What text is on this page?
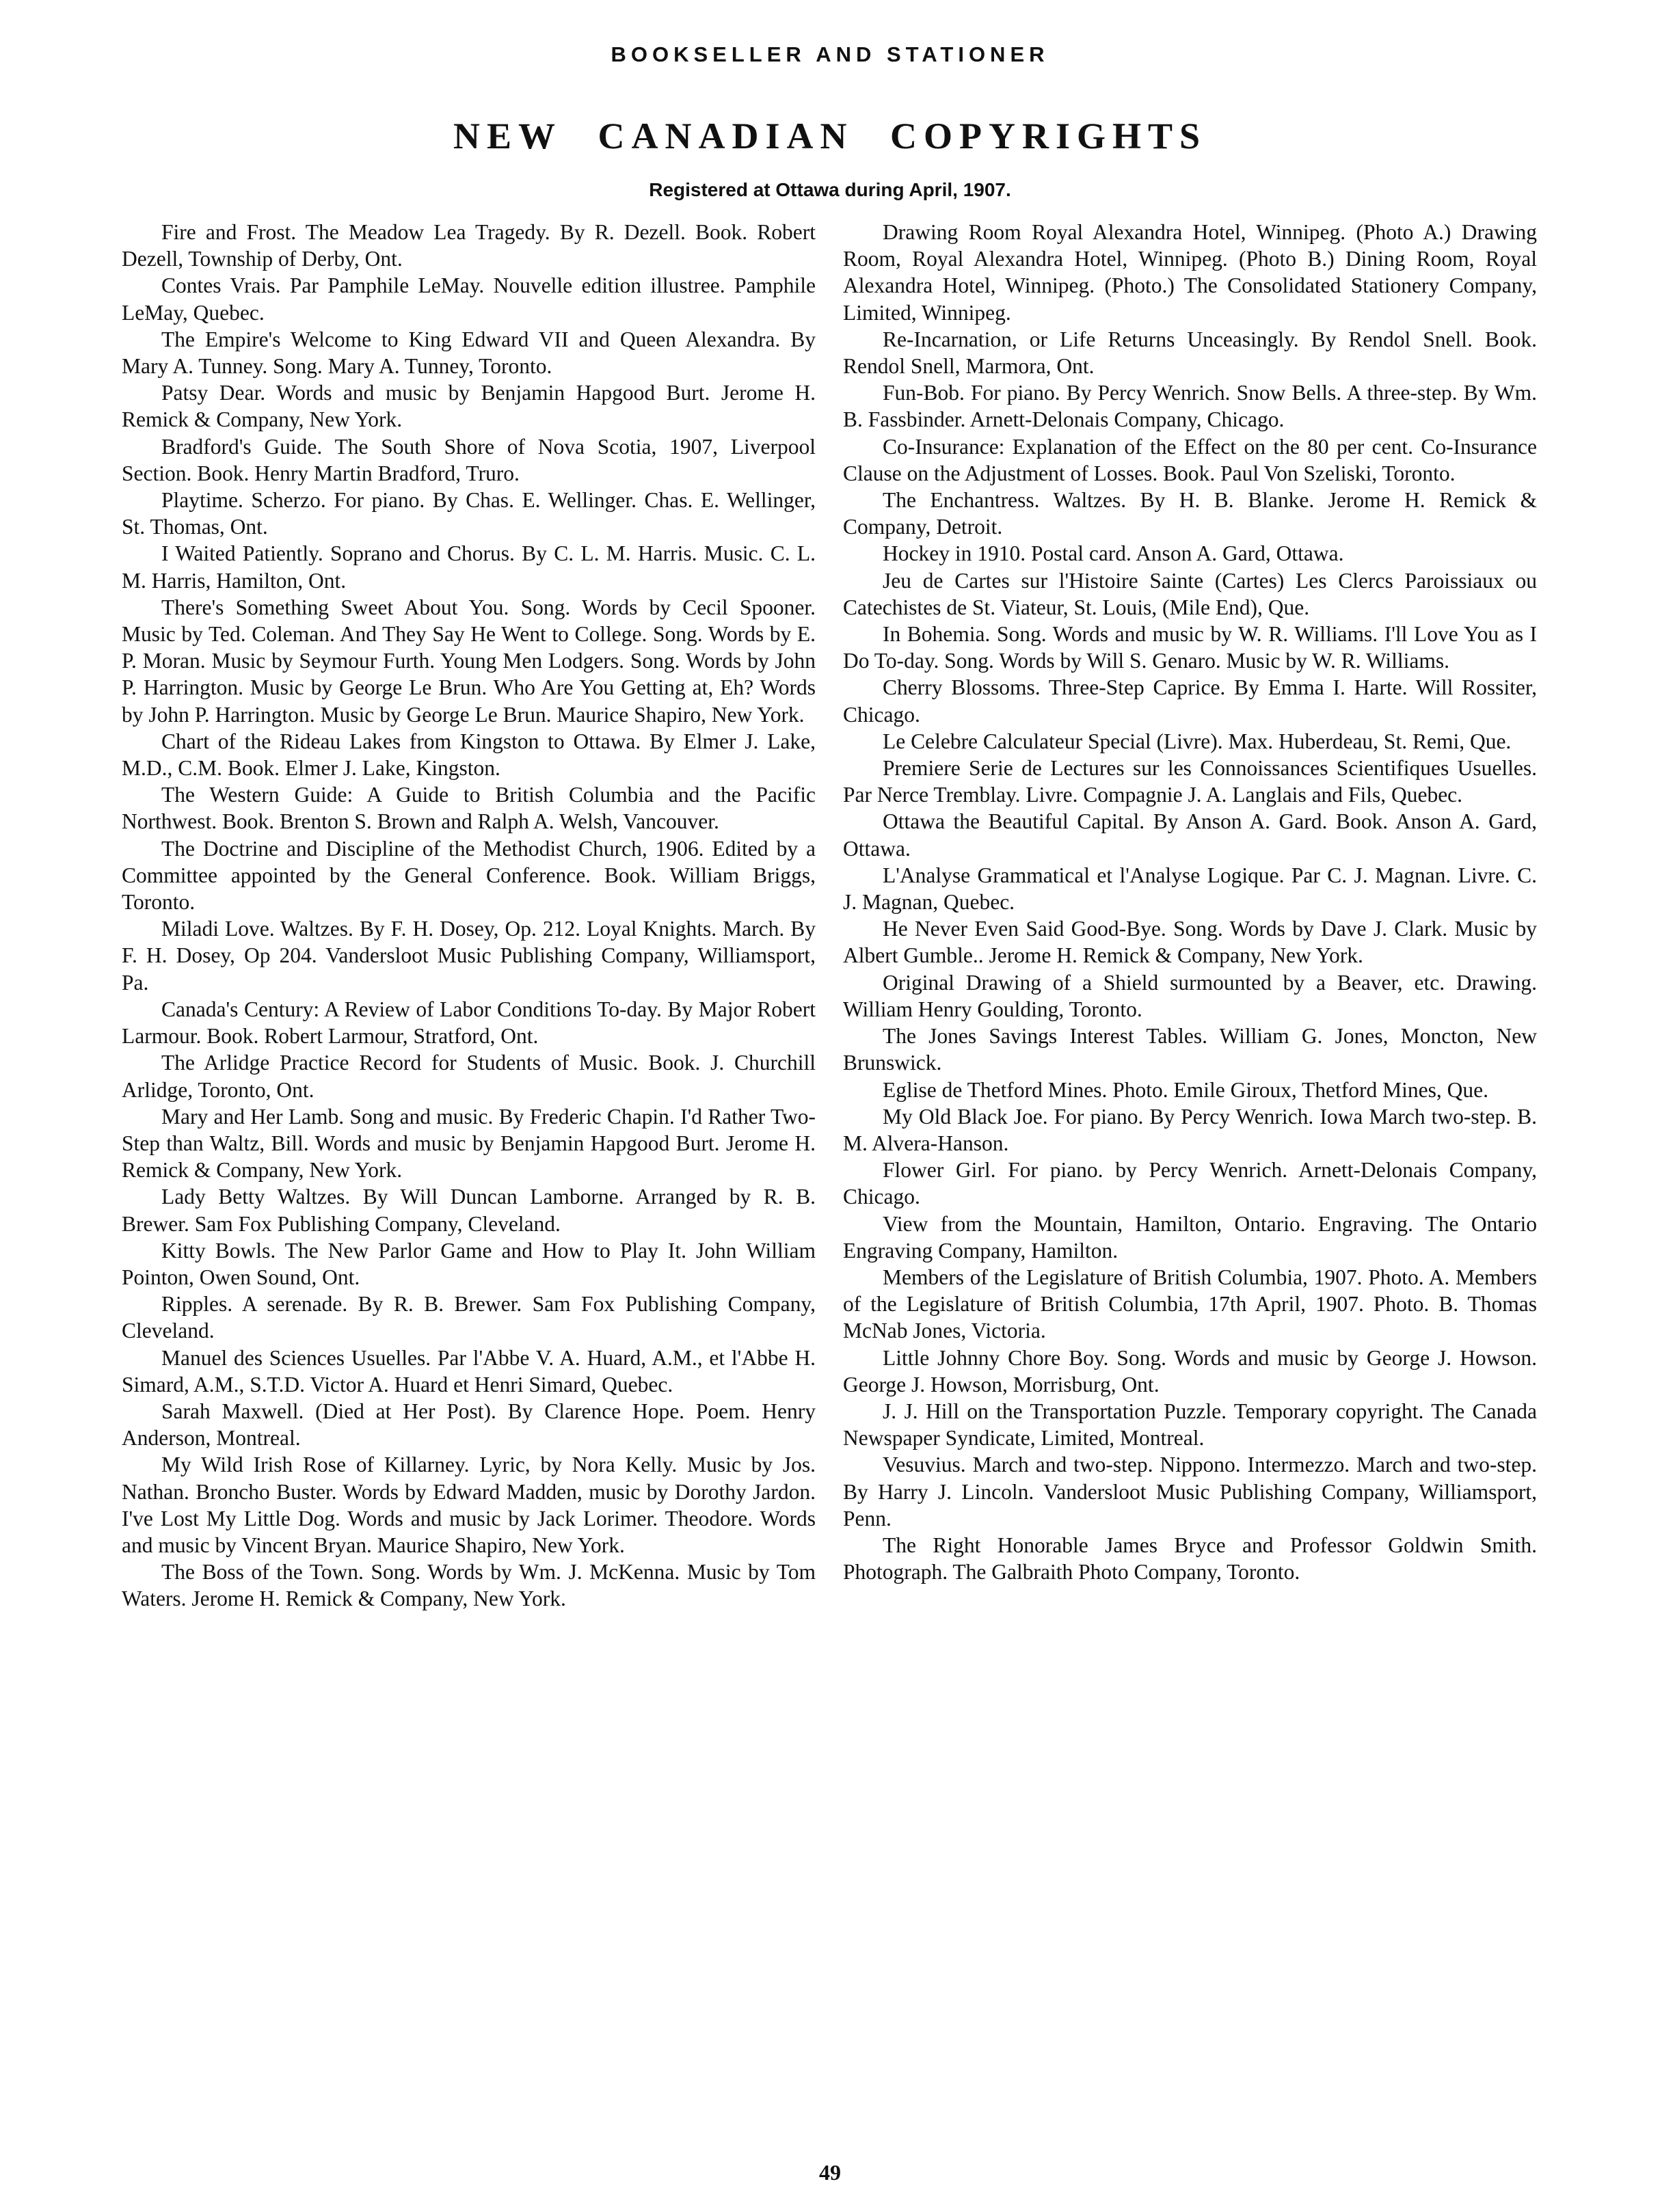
BOOKSELLER AND STATIONER
NEW CANADIAN COPYRIGHTS
Registered at Ottawa during April, 1907.

Fire and Frost. The Meadow Lea Tragedy. By R. Dezell. Book. Robert Dezell, Township of Derby, Ont.

Contes Vrais. Par Pamphile LeMay. Nouvelle edition illustree. Pamphile LeMay, Quebec.

The Empire's Welcome to King Edward VII and Queen Alexandra. By Mary A. Tunney. Song. Mary A. Tunney, Toronto.

Patsy Dear. Words and music by Benjamin Hapgood Burt. Jerome H. Remick & Company, New York.

Bradford's Guide. The South Shore of Nova Scotia, 1907, Liverpool Section. Book. Henry Martin Bradford, Truro.

Playtime. Scherzo. For piano. By Chas. E. Wellinger. Chas. E. Wellinger, St. Thomas, Ont.

I Waited Patiently. Soprano and Chorus. By C. L. M. Harris. Music. C. L. M. Harris, Hamilton, Ont.

There's Something Sweet About You. Song. Words by Cecil Spooner. Music by Ted. Coleman. And They Say He Went to College. Song. Words by E. P. Moran. Music by Seymour Furth. Young Men Lodgers. Song. Words by John P. Harrington. Music by George Le Brun. Who Are You Getting at, Eh? Words by John P. Harrington. Music by George Le Brun. Maurice Shapiro, New York.

Chart of the Rideau Lakes from Kingston to Ottawa. By Elmer J. Lake, M.D., C.M. Book. Elmer J. Lake, Kingston.

The Western Guide: A Guide to British Columbia and the Pacific Northwest. Book. Brenton S. Brown and Ralph A. Welsh, Vancouver.

The Doctrine and Discipline of the Methodist Church, 1906. Edited by a Committee appointed by the General Conference. Book. William Briggs, Toronto.

Miladi Love. Waltzes. By F. H. Dosey, Op. 212. Loyal Knights. March. By F. H. Dosey, Op 204. Vandersloot Music Publishing Company, Williamsport, Pa.

Canada's Century: A Review of Labor Conditions To-day. By Major Robert Larmour. Book. Robert Larmour, Stratford, Ont.

The Arlidge Practice Record for Students of Music. Book. J. Churchill Arlidge, Toronto, Ont.

Mary and Her Lamb. Song and music. By Frederic Chapin. I'd Rather Two-Step than Waltz, Bill. Words and music by Benjamin Hapgood Burt. Jerome H. Remick & Company, New York.

Lady Betty Waltzes. By Will Duncan Lamborne. Arranged by R. B. Brewer. Sam Fox Publishing Company, Cleveland.

Kitty Bowls. The New Parlor Game and How to Play It. John William Pointon, Owen Sound, Ont.

Ripples. A serenade. By R. B. Brewer. Sam Fox Publishing Company, Cleveland.

Manuel des Sciences Usuelles. Par l'Abbe V. A. Huard, A.M., et l'Abbe H. Simard, A.M., S.T.D. Victor A. Huard et Henri Simard, Quebec.

Sarah Maxwell. (Died at Her Post). By Clarence Hope. Poem. Henry Anderson, Montreal.

My Wild Irish Rose of Killarney. Lyric, by Nora Kelly. Music by Jos. Nathan. Broncho Buster. Words by Edward Madden, music by Dorothy Jardon. I've Lost My Little Dog. Words and music by Jack Lorimer. Theodore. Words and music by Vincent Bryan. Maurice Shapiro, New York.

The Boss of the Town. Song. Words by Wm. J. McKenna. Music by Tom Waters. Jerome H. Remick & Company, New York.

Drawing Room Royal Alexandra Hotel, Winnipeg. (Photo A.) Drawing Room, Royal Alexandra Hotel, Winnipeg. (Photo B.) Dining Room, Royal Alexandra Hotel, Winnipeg. (Photo.) The Consolidated Stationery Company, Limited, Winnipeg.

Re-Incarnation, or Life Returns Unceasingly. By Rendol Snell. Book. Rendol Snell, Marmora, Ont.

Fun-Bob. For piano. By Percy Wenrich. Snow Bells. A three-step. By Wm. B. Fassbinder. Arnett-Delonais Company, Chicago.

Co-Insurance: Explanation of the Effect on the 80 per cent. Co-Insurance Clause on the Adjustment of Losses. Book. Paul Von Szeliski, Toronto.

The Enchantress. Waltzes. By H. B. Blanke. Jerome H. Remick & Company, Detroit.

Hockey in 1910. Postal card. Anson A. Gard, Ottawa.

Jeu de Cartes sur l'Histoire Sainte (Cartes) Les Clercs Paroissiaux ou Catechistes de St. Viateur, St. Louis, (Mile End), Que.

In Bohemia. Song. Words and music by W. R. Williams. I'll Love You as I Do To-day. Song. Words by Will S. Genaro. Music by W. R. Williams.

Cherry Blossoms. Three-Step Caprice. By Emma I. Harte. Will Rossiter, Chicago.

Le Celebre Calculateur Special (Livre). Max. Huberdeau, St. Remi, Que.

Premiere Serie de Lectures sur les Connoissances Scientifiques Usuelles. Par Nerce Tremblay. Livre. Compagnie J. A. Langlais and Fils, Quebec.

Ottawa the Beautiful Capital. By Anson A. Gard. Book. Anson A. Gard, Ottawa.

L'Analyse Grammatical et l'Analyse Logique. Par C. J. Magnan. Livre. C. J. Magnan, Quebec.

He Never Even Said Good-Bye. Song. Words by Dave J. Clark. Music by Albert Gumble.. Jerome H. Remick & Company, New York.

Original Drawing of a Shield surmounted by a Beaver, etc. Drawing. William Henry Goulding, Toronto.

The Jones Savings Interest Tables. William G. Jones, Moncton, New Brunswick.

Eglise de Thetford Mines. Photo. Emile Giroux, Thetford Mines, Que.

My Old Black Joe. For piano. By Percy Wenrich. Iowa March two-step. B. M. Alvera-Hanson.

Flower Girl. For piano. by Percy Wenrich. Arnett-Delonais Company, Chicago.

View from the Mountain, Hamilton, Ontario. Engraving. The Ontario Engraving Company, Hamilton.

Members of the Legislature of British Columbia, 1907. Photo. A. Members of the Legislature of British Columbia, 17th April, 1907. Photo. B. Thomas McNab Jones, Victoria.

Little Johnny Chore Boy. Song. Words and music by George J. Howson. George J. Howson, Morrisburg, Ont.

J. J. Hill on the Transportation Puzzle. Temporary copyright. The Canada Newspaper Syndicate, Limited, Montreal.

Vesuvius. March and two-step. Nippono. Intermezzo. March and two-step. By Harry J. Lincoln. Vandersloot Music Publishing Company, Williamsport, Penn.

The Right Honorable James Bryce and Professor Goldwin Smith. Photograph. The Galbraith Photo Company, Toronto.

49
